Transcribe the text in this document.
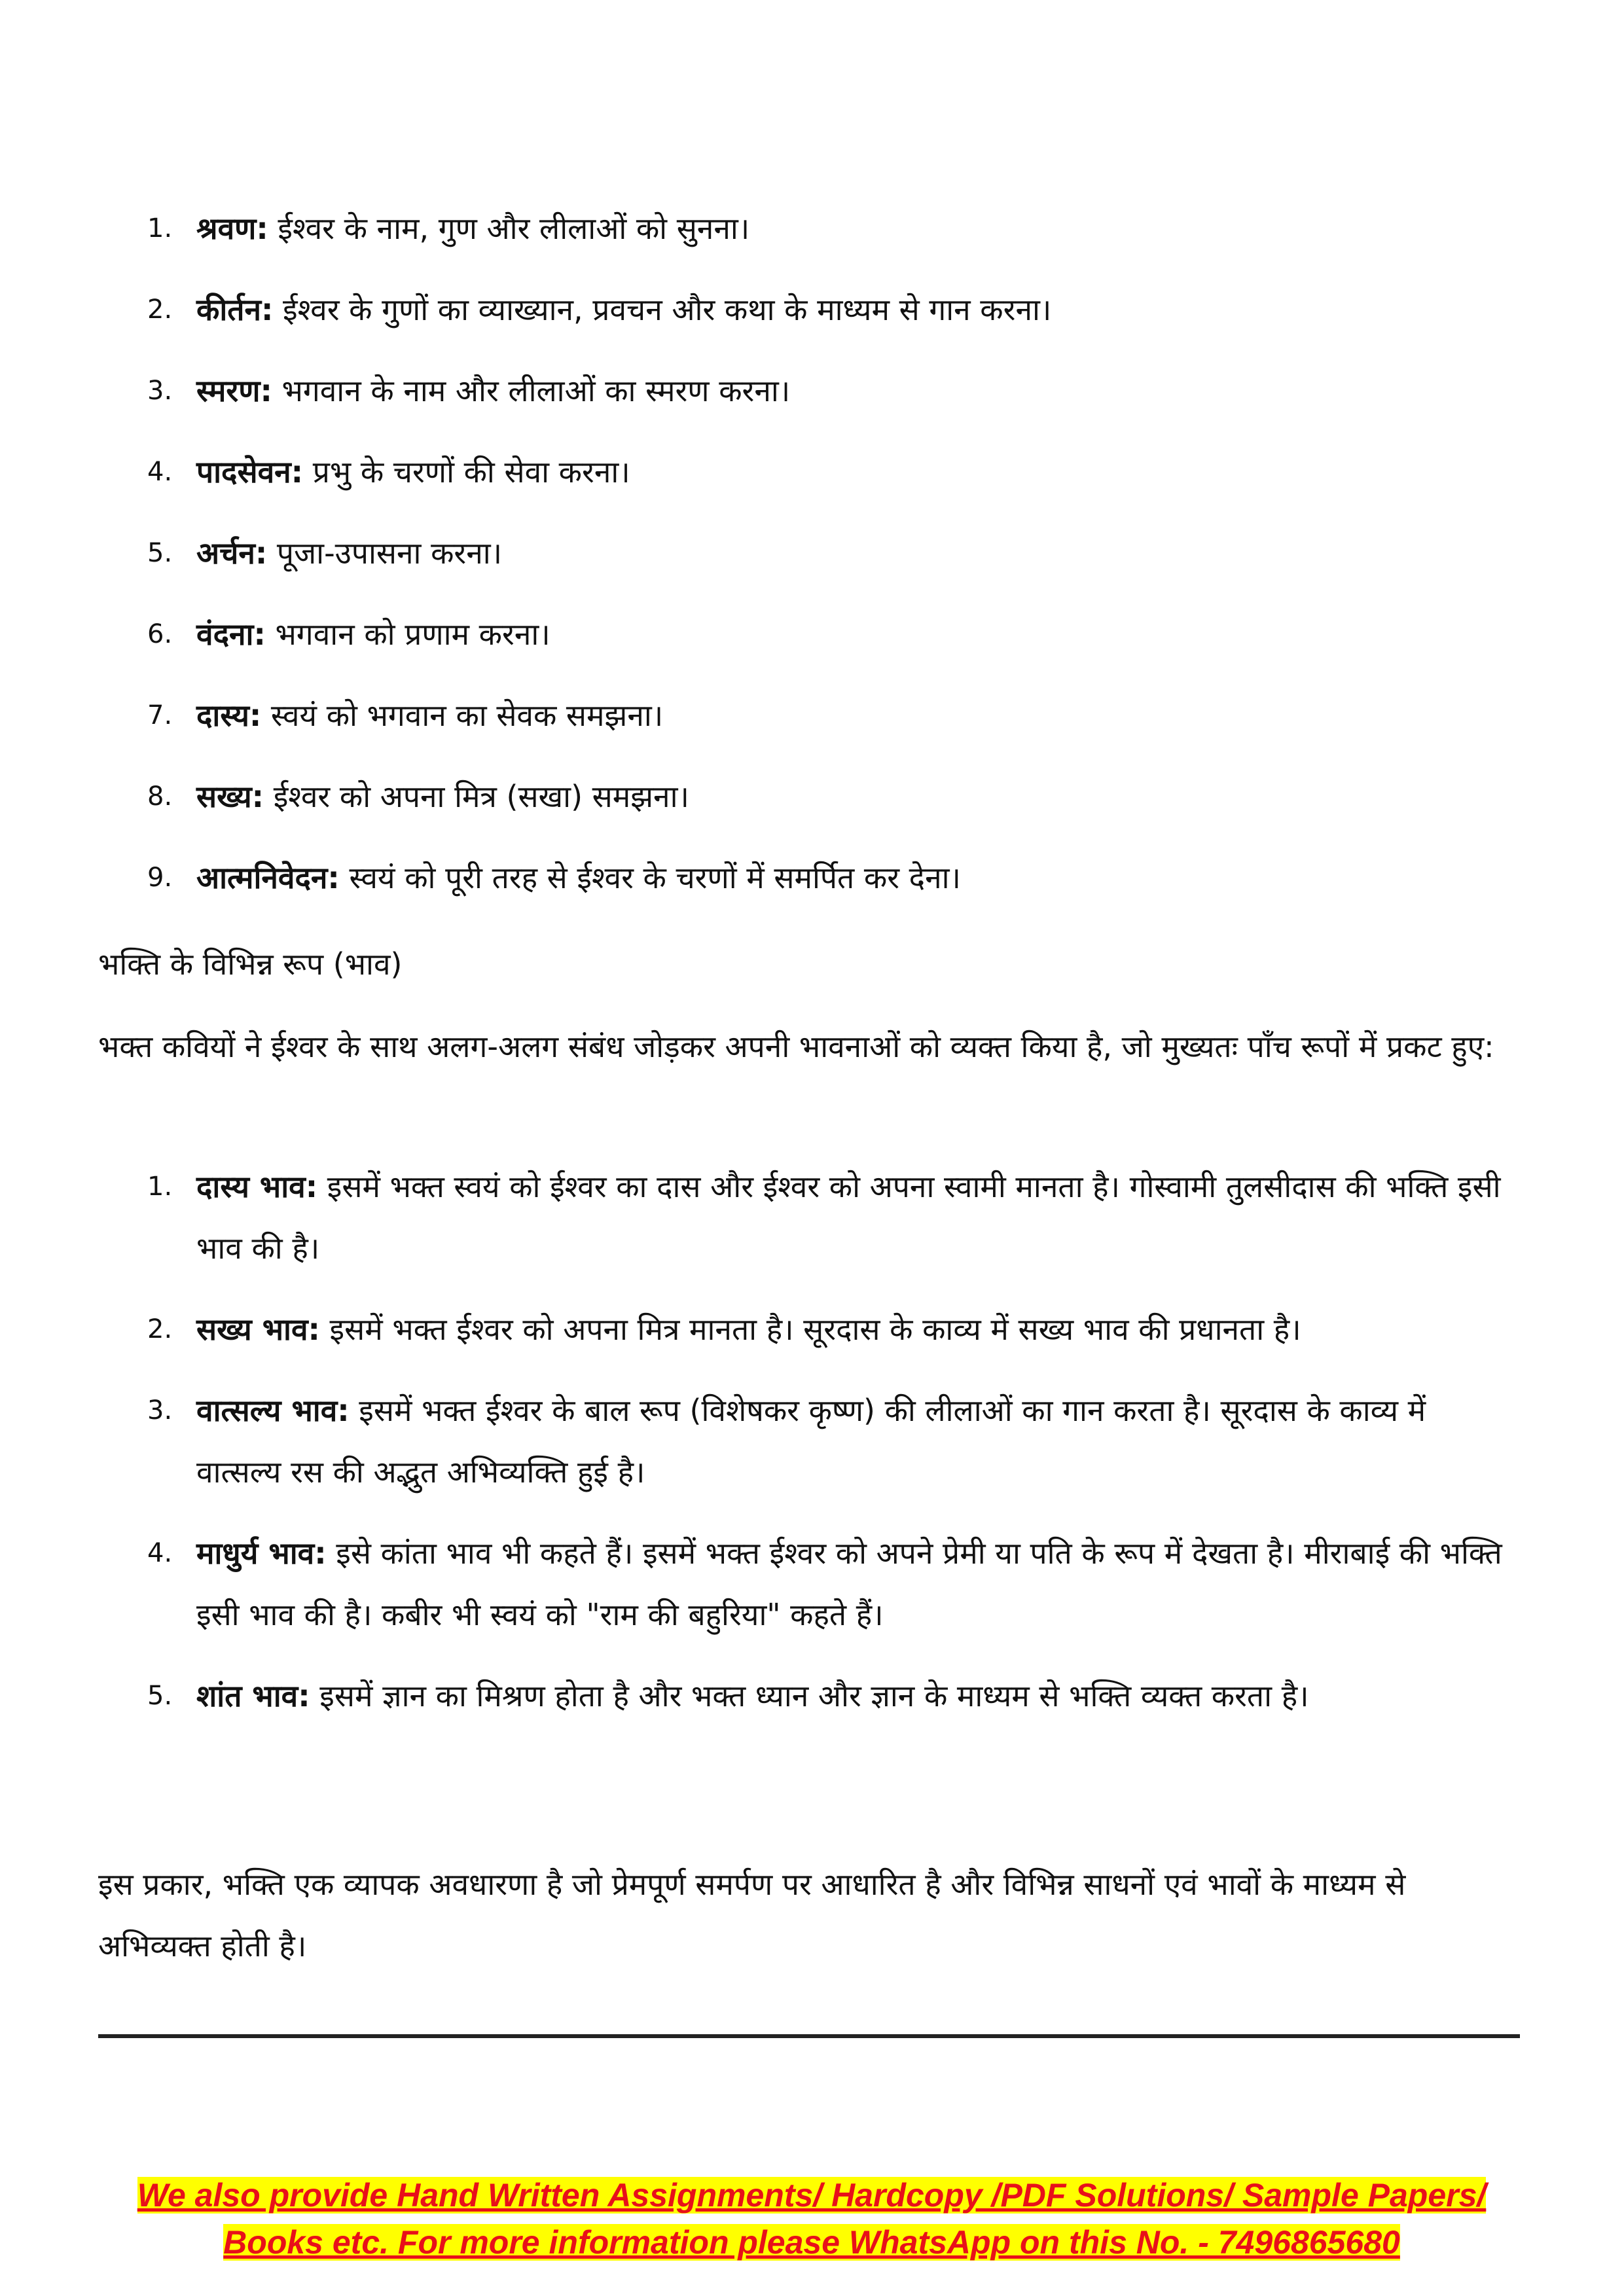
1. श्रवण: ईश्वर के नाम, गुण और लीलाओं को सुनना।
2. कीर्तन: ईश्वर के गुणों का व्याख्यान, प्रवचन और कथा के माध्यम से गान करना।
3. स्मरण: भगवान के नाम और लीलाओं का स्मरण करना।
4. पादसेवन: प्रभु के चरणों की सेवा करना।
5. अर्चन: पूजा-उपासना करना।
6. वंदना: भगवान को प्रणाम करना।
7. दास्य: स्वयं को भगवान का सेवक समझना।
8. सख्य: ईश्वर को अपना मित्र (सखा) समझना।
9. आत्मनिवेदन: स्वयं को पूरी तरह से ईश्वर के चरणों में समर्पित कर देना।

भक्ति के विभिन्न रूप (भाव)

भक्त कवियों ने ईश्वर के साथ अलग-अलग संबंध जोड़कर अपनी भावनाओं को व्यक्त किया है, जो मुख्यतः पाँच रूपों में प्रकट हुए:

1. दास्य भाव: इसमें भक्त स्वयं को ईश्वर का दास और ईश्वर को अपना स्वामी मानता है। गोस्वामी तुलसीदास की भक्ति इसी भाव की है।
2. सख्य भाव: इसमें भक्त ईश्वर को अपना मित्र मानता है। सूरदास के काव्य में सख्य भाव की प्रधानता है।
3. वात्सल्य भाव: इसमें भक्त ईश्वर के बाल रूप (विशेषकर कृष्ण) की लीलाओं का गान करता है। सूरदास के काव्य में वात्सल्य रस की अद्भुत अभिव्यक्ति हुई है।
4. माधुर्य भाव: इसे कांता भाव भी कहते हैं। इसमें भक्त ईश्वर को अपने प्रेमी या पति के रूप में देखता है। मीराबाई की भक्ति इसी भाव की है। कबीर भी स्वयं को "राम की बहुरिया" कहते हैं।
5. शांत भाव: इसमें ज्ञान का मिश्रण होता है और भक्त ध्यान और ज्ञान के माध्यम से भक्ति व्यक्त करता है।

इस प्रकार, भक्ति एक व्यापक अवधारणा है जो प्रेमपूर्ण समर्पण पर आधारित है और विभिन्न साधनों एवं भावों के माध्यम से अभिव्यक्त होती है।

We also provide Hand Written Assignments/ Hardcopy /PDF Solutions/ Sample Papers/
Books etc. For more information please WhatsApp on this No. - 7496865680
